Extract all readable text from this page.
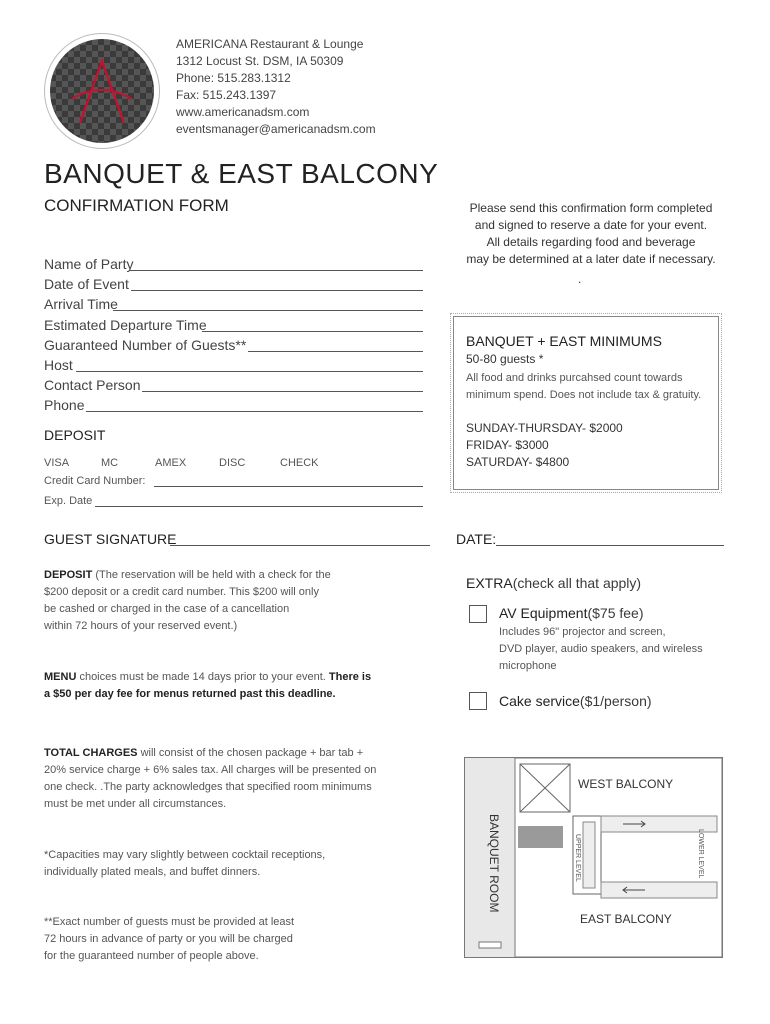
AMERICANA Restaurant & Lounge
1312 Locust St. DSM, IA 50309
Phone: 515.283.1312
Fax: 515.243.1397
www.americanadsm.com
eventsmanager@americanadsm.com
BANQUET & EAST BALCONY
CONFIRMATION FORM	Please send this confirmation form completed
and signed to reserve a date for your event.
All details regarding food and beverage
may be determined at a later date if necessary.
.
Name of Party
Date of Event
Arrival Time
Estimated Departure Time
Guaranteed Number of Guests**
Host
Contact Person
Phone
DEPOSIT
VISA	MC	AMEX	DISC	CHECK
Credit Card Number:
Exp. Date
BANQUET + EAST MINIMUMS
50-80 guests *
All food and drinks purcahsed count towards
minimum spend. Does not include tax & gratuity.
SUNDAY-THURSDAY- $2000
FRIDAY- $3000
SATURDAY- $4800
GUEST SIGNATURE	DATE:
DEPOSIT (The reservation will be held with a check for the
$200 deposit or a credit card number. This $200 will only
be cashed or charged in the case of a cancellation
within 72 hours of your reserved event.)
MENU choices must be made 14 days prior to your event. There is
a $50 per day fee for menus returned past this deadline.
TOTAL CHARGES will consist of the chosen package + bar tab +
20% service charge + 6% sales tax. All charges will be presented on
one check. .The party acknowledges that specified room minimums
must be met under all circumstances.
*Capacities may vary slightly between cocktail receptions,
individually plated meals, and buffet dinners.
**Exact number of guests must be provided at least
72 hours in advance of party or you will be charged
for the guaranteed number of people above.
EXTRA(check all that apply)
AV Equipment($75 fee)
Includes 96" projector and screen,
DVD player, audio speakers, and wireless
microphone
Cake service($1/person)
BANQUET ROOM
WEST BALCONY
EAST BALCONY
UPPER LEVEL	LOWER LEVEL
